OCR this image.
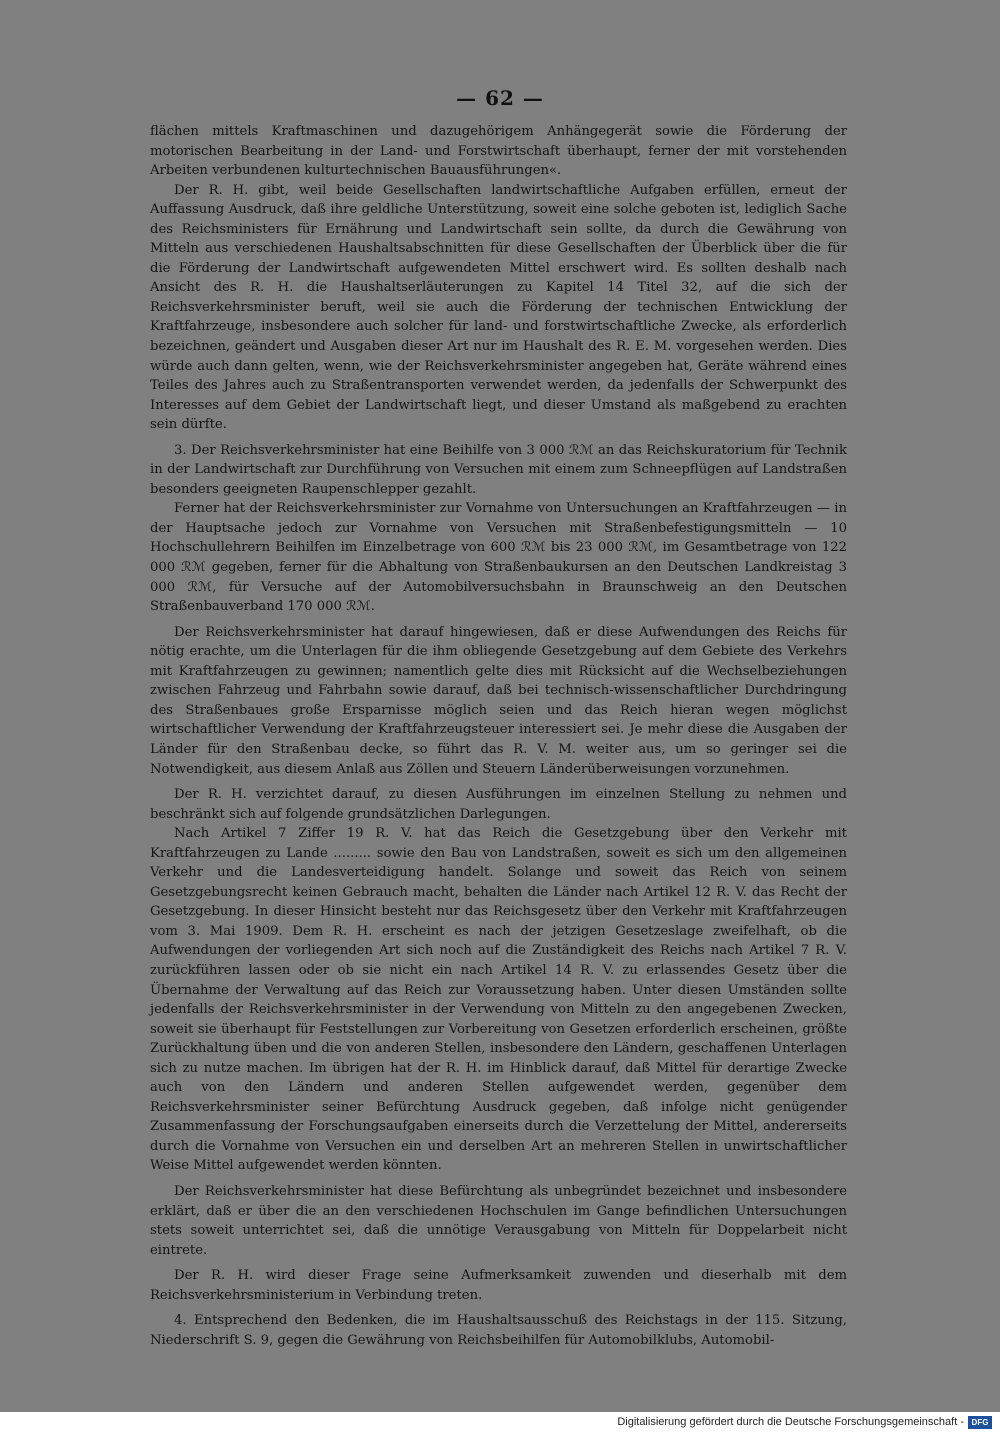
— 62 —

flächen mittels Kraftmaschinen und dazugehörigem Anhängegerät sowie die Förderung der motorischen Bearbeitung in der Land- und Forstwirtschaft überhaupt, ferner der mit vorstehenden Arbeiten verbundenen kulturtechnischen Bauausführungen«.

Der R. H. gibt, weil beide Gesellschaften landwirtschaftliche Aufgaben erfüllen, erneut der Auffassung Ausdruck, daß ihre geldliche Unterstützung, soweit eine solche geboten ist, lediglich Sache des Reichsministers für Ernährung und Landwirtschaft sein sollte, da durch die Gewährung von Mitteln aus verschiedenen Haushaltsabschnitten für diese Gesellschaften der Überblick über die für die Förderung der Landwirtschaft aufgewendeten Mittel erschwert wird. Es sollten deshalb nach Ansicht des R. H. die Haushaltserläuterungen zu Kapitel 14 Titel 32, auf die sich der Reichsverkehrsminister beruft, weil sie auch die Förderung der technischen Entwicklung der Kraftfahrzeuge, insbesondere auch solcher für land- und forstwirtschaftliche Zwecke, als erforderlich bezeichnen, geändert und Ausgaben dieser Art nur im Haushalt des R. E. M. vorgesehen werden. Dies würde auch dann gelten, wenn, wie der Reichsverkehrsminister angegeben hat, Geräte während eines Teiles des Jahres auch zu Straßentransporten verwendet werden, da jedenfalls der Schwerpunkt des Interesses auf dem Gebiet der Landwirtschaft liegt, und dieser Umstand als maßgebend zu erachten sein dürfte.

3. Der Reichsverkehrsminister hat eine Beihilfe von 3 000 ℛℳ an das Reichskuratorium für Technik in der Landwirtschaft zur Durchführung von Versuchen mit einem zum Schneepflügen auf Landstraßen besonders geeigneten Raupenschlepper gezahlt.

Ferner hat der Reichsverkehrsminister zur Vornahme von Untersuchungen an Kraftfahrzeugen — in der Hauptsache jedoch zur Vornahme von Versuchen mit Straßenbefestigungsmitteln — 10 Hochschullehrern Beihilfen im Einzelbetrage von 600 ℛℳ bis 23 000 ℛℳ, im Gesamtbetrage von 122 000 ℛℳ gegeben, ferner für die Abhaltung von Straßenbaukursen an den Deutschen Landkreistag 3 000 ℛℳ, für Versuche auf der Automobilversuchsbahn in Braunschweig an den Deutschen Straßenbauverband 170 000 ℛℳ.

Der Reichsverkehrsminister hat darauf hingewiesen, daß er diese Aufwendungen des Reichs für nötig erachte, um die Unterlagen für die ihm obliegende Gesetzgebung auf dem Gebiete des Verkehrs mit Kraftfahrzeugen zu gewinnen; namentlich gelte dies mit Rücksicht auf die Wechselbeziehungen zwischen Fahrzeug und Fahrbahn sowie darauf, daß bei technisch-wissenschaftlicher Durchdringung des Straßenbaues große Ersparnisse möglich seien und das Reich hieran wegen möglichst wirtschaftlicher Verwendung der Kraftfahrzeugsteuer interessiert sei. Je mehr diese die Ausgaben der Länder für den Straßenbau decke, so führt das R. V. M. weiter aus, um so geringer sei die Notwendigkeit, aus diesem Anlaß aus Zöllen und Steuern Länderüberweisungen vorzunehmen.

Der R. H. verzichtet darauf, zu diesen Ausführungen im einzelnen Stellung zu nehmen und beschränkt sich auf folgende grundsätzlichen Darlegungen.

Nach Artikel 7 Ziffer 19 R. V. hat das Reich die Gesetzgebung über den Verkehr mit Kraftfahrzeugen zu Lande ......... sowie den Bau von Landstraßen, soweit es sich um den allgemeinen Verkehr und die Landesverteidigung handelt. Solange und soweit das Reich von seinem Gesetzgebungsrecht keinen Gebrauch macht, behalten die Länder nach Artikel 12 R. V. das Recht der Gesetzgebung. In dieser Hinsicht besteht nur das Reichsgesetz über den Verkehr mit Kraftfahrzeugen vom 3. Mai 1909. Dem R. H. erscheint es nach der jetzigen Gesetzeslage zweifelhaft, ob die Aufwendungen der vorliegenden Art sich noch auf die Zuständigkeit des Reichs nach Artikel 7 R. V. zurückführen lassen oder ob sie nicht ein nach Artikel 14 R. V. zu erlassendes Gesetz über die Übernahme der Verwaltung auf das Reich zur Voraussetzung haben. Unter diesen Umständen sollte jedenfalls der Reichsverkehrsminister in der Verwendung von Mitteln zu den angegebenen Zwecken, soweit sie überhaupt für Feststellungen zur Vorbereitung von Gesetzen erforderlich erscheinen, größte Zurückhaltung üben und die von anderen Stellen, insbesondere den Ländern, geschaffenen Unterlagen sich zu nutze machen. Im übrigen hat der R. H. im Hinblick darauf, daß Mittel für derartige Zwecke auch von den Ländern und anderen Stellen aufgewendet werden, gegenüber dem Reichsverkehrsminister seiner Befürchtung Ausdruck gegeben, daß infolge nicht genügender Zusammenfassung der Forschungsaufgaben einerseits durch die Verzettelung der Mittel, andererseits durch die Vornahme von Versuchen ein und derselben Art an mehreren Stellen in unwirtschaftlicher Weise Mittel aufgewendet werden könnten.

Der Reichsverkehrsminister hat diese Befürchtung als unbegründet bezeichnet und insbesondere erklärt, daß er über die an den verschiedenen Hochschulen im Gange befindlichen Untersuchungen stets soweit unterrichtet sei, daß die unnötige Verausgabung von Mitteln für Doppelarbeit nicht eintrete.

Der R. H. wird dieser Frage seine Aufmerksamkeit zuwenden und dieserhalb mit dem Reichsverkehrsministerium in Verbindung treten.

4. Entsprechend den Bedenken, die im Haushaltsausschuß des Reichstags in der 115. Sitzung, Niederschrift S. 9, gegen die Gewährung von Reichsbeihilfen für Automobilklubs, Automobil-

Digitalisierung gefördert durch die Deutsche Forschungsgemeinschaft - DFG
